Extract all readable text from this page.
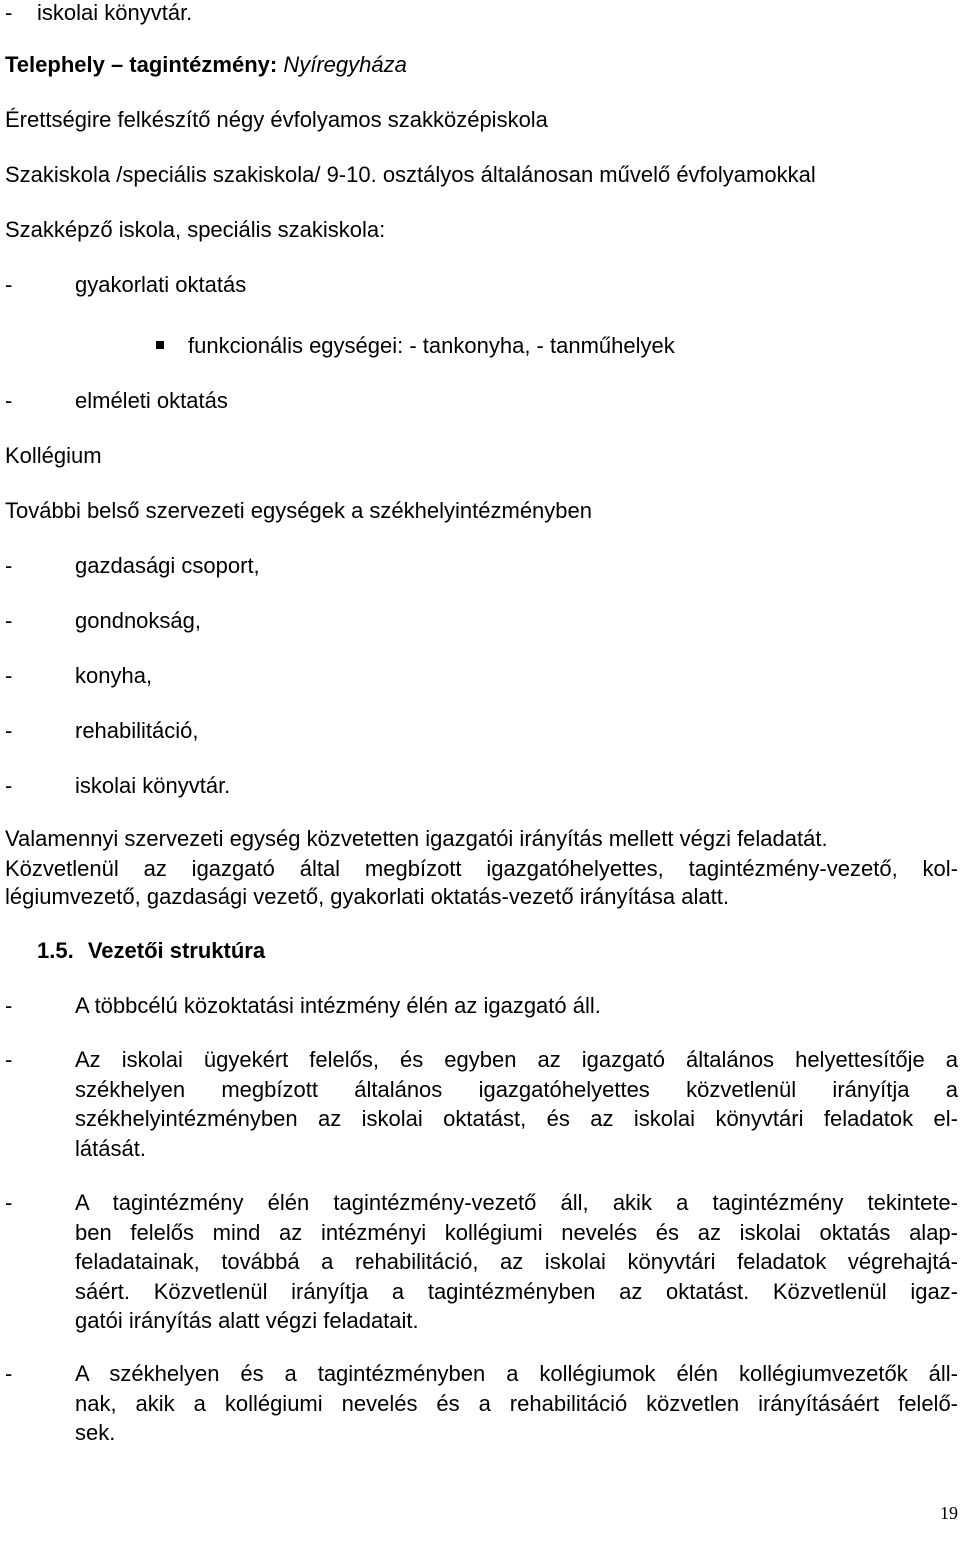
- iskolai könyvtár.
Telephely – tagintézmény: Nyíregyháza
Érettségire felkészítő négy évfolyamos szakközépiskola
Szakiskola /speciális szakiskola/ 9-10. osztályos általánosan művelő évfolyamokkal
Szakképző iskola, speciális szakiskola:
-	gyakorlati oktatás
funkcionális egységei: - tankonyha, - tanműhelyek
-	elméleti oktatás
Kollégium
További belső szervezeti egységek a székhelyintézményben
-	gazdasági csoport,
-	gondnokság,
-	konyha,
-	rehabilitáció,
-	iskolai könyvtár.
Valamennyi szervezeti egység közvetetten igazgatói irányítás mellett végzi feladatát.
Közvetlenül az igazgató által megbízott igazgatóhelyettes, tagintézmény-vezető, kol-
légiumvezető, gazdasági vezető, gyakorlati oktatás-vezető irányítása alatt.
1.5. Vezetői struktúra
-	A többcélú közoktatási intézmény élén az igazgató áll.
-	Az iskolai ügyekért felelős, és egyben az igazgató általános helyettesítője a
székhelyen megbízott általános igazgatóhelyettes közvetlenül irányítja a
székhelyintézményben az iskolai oktatást, és az iskolai könyvtári feladatok el-
látását.
-	A tagintézmény élén tagintézmény-vezető áll, akik a tagintézmény tekintete-
ben felelős mind az intézményi kollégiumi nevelés és az iskolai oktatás alap-
feladatainak, továbbá a rehabilitáció, az iskolai könyvtári feladatok végrehajtá-
sáért. Közvetlenül irányítja a tagintézményben az oktatást. Közvetlenül igaz-
gatói irányítás alatt végzi feladatait.
-	A székhelyen és a tagintézményben a kollégiumok élén kollégiumvezetők áll-
nak, akik a kollégiumi nevelés és a rehabilitáció közvetlen irányításáért felelő-
sek.
19
